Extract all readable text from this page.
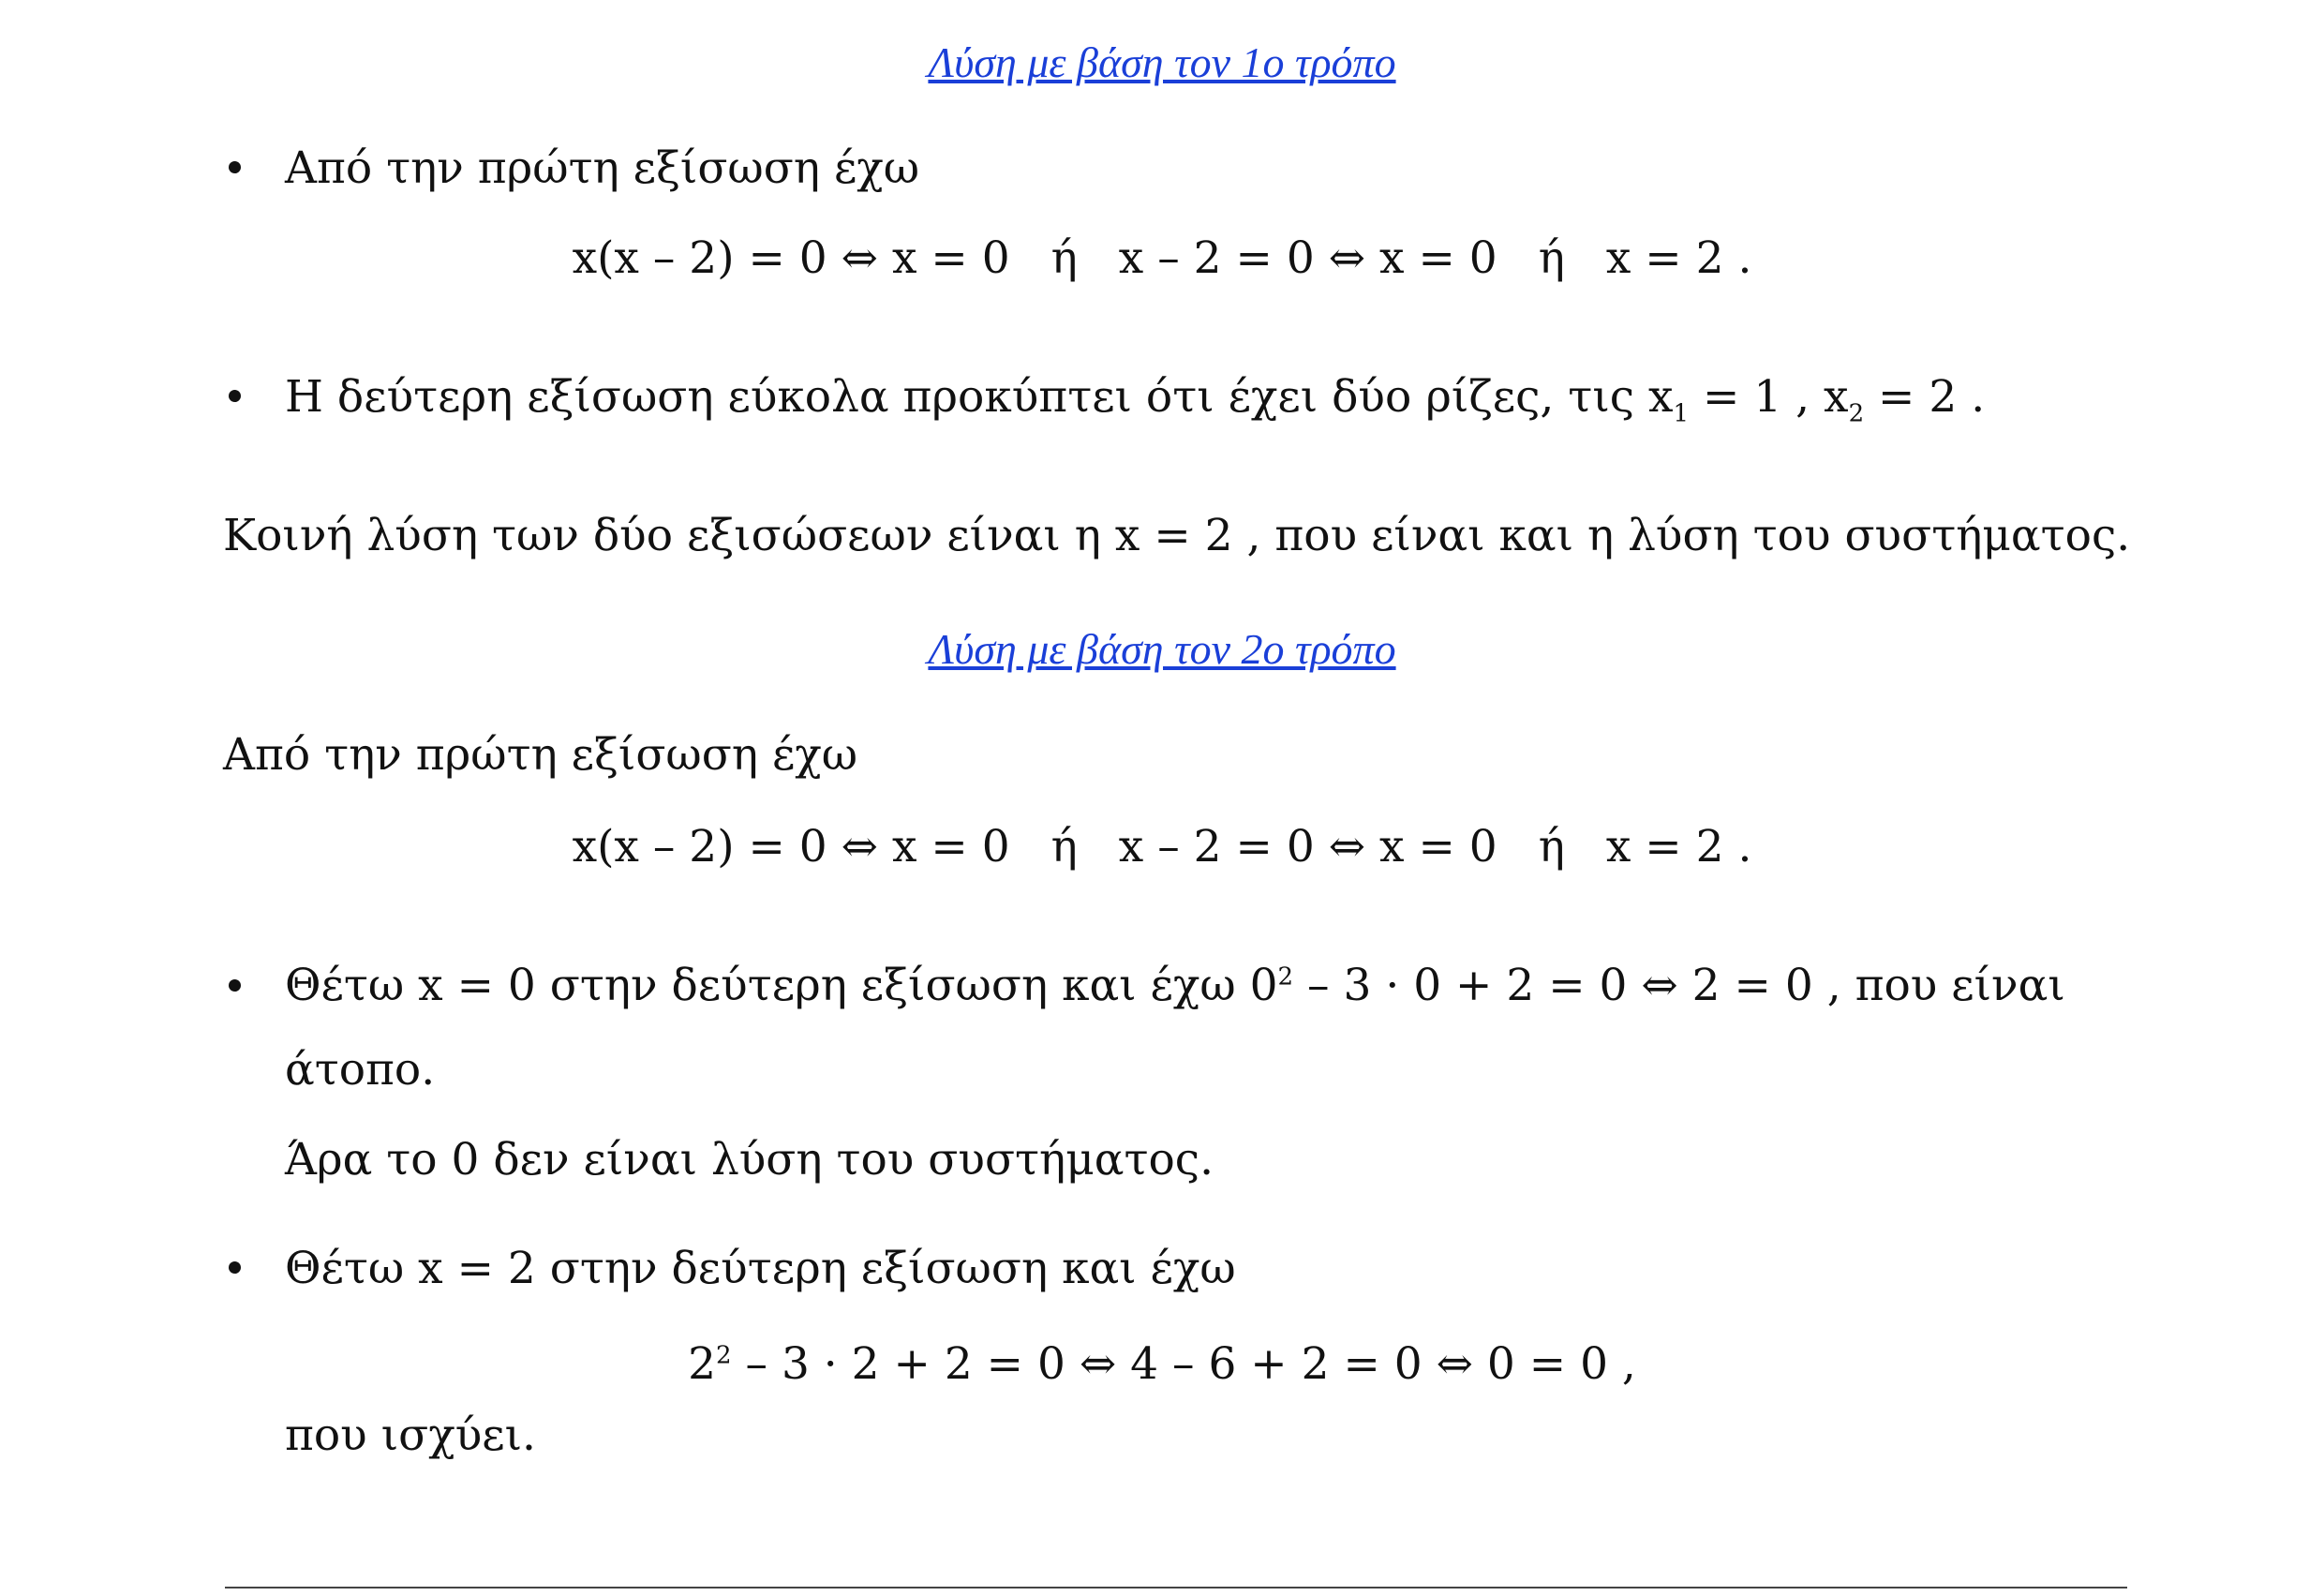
Λύση με βάση τον 1ο τρόπο
Από την πρώτη εξίσωση έχω
x(x – 2) = 0 ⇔ x = 0 ή x – 2 = 0 ⇔ x = 0 ή x = 2 .
Η δεύτερη εξίσωση εύκολα προκύπτει ότι έχει δύο ρίζες, τις $x_1 = 1$ , $x_2 = 2$ .
Κοινή λύση των δύο εξισώσεων είναι η x = 2 , που είναι και η λύση του συστήματος.
Λύση με βάση τον 2ο τρόπο
Από την πρώτη εξίσωση έχω
x(x – 2) = 0 ⇔ x = 0 ή x – 2 = 0 ⇔ x = 0 ή x = 2 .
Θέτω x = 0 στην δεύτερη εξίσωση και έχω $0^2 - 3 \cdot 0 + 2 = 0$ ⇔ 2 = 0 , που είναι
άτοπο.
Άρα το 0 δεν είναι λύση του συστήματος.
Θέτω x = 2 στην δεύτερη εξίσωση και έχω
$2^2 - 3 \cdot 2 + 2 = 0$ ⇔ 4 – 6 + 2 = 0 ⇔ 0 = 0 ,
που ισχύει.
